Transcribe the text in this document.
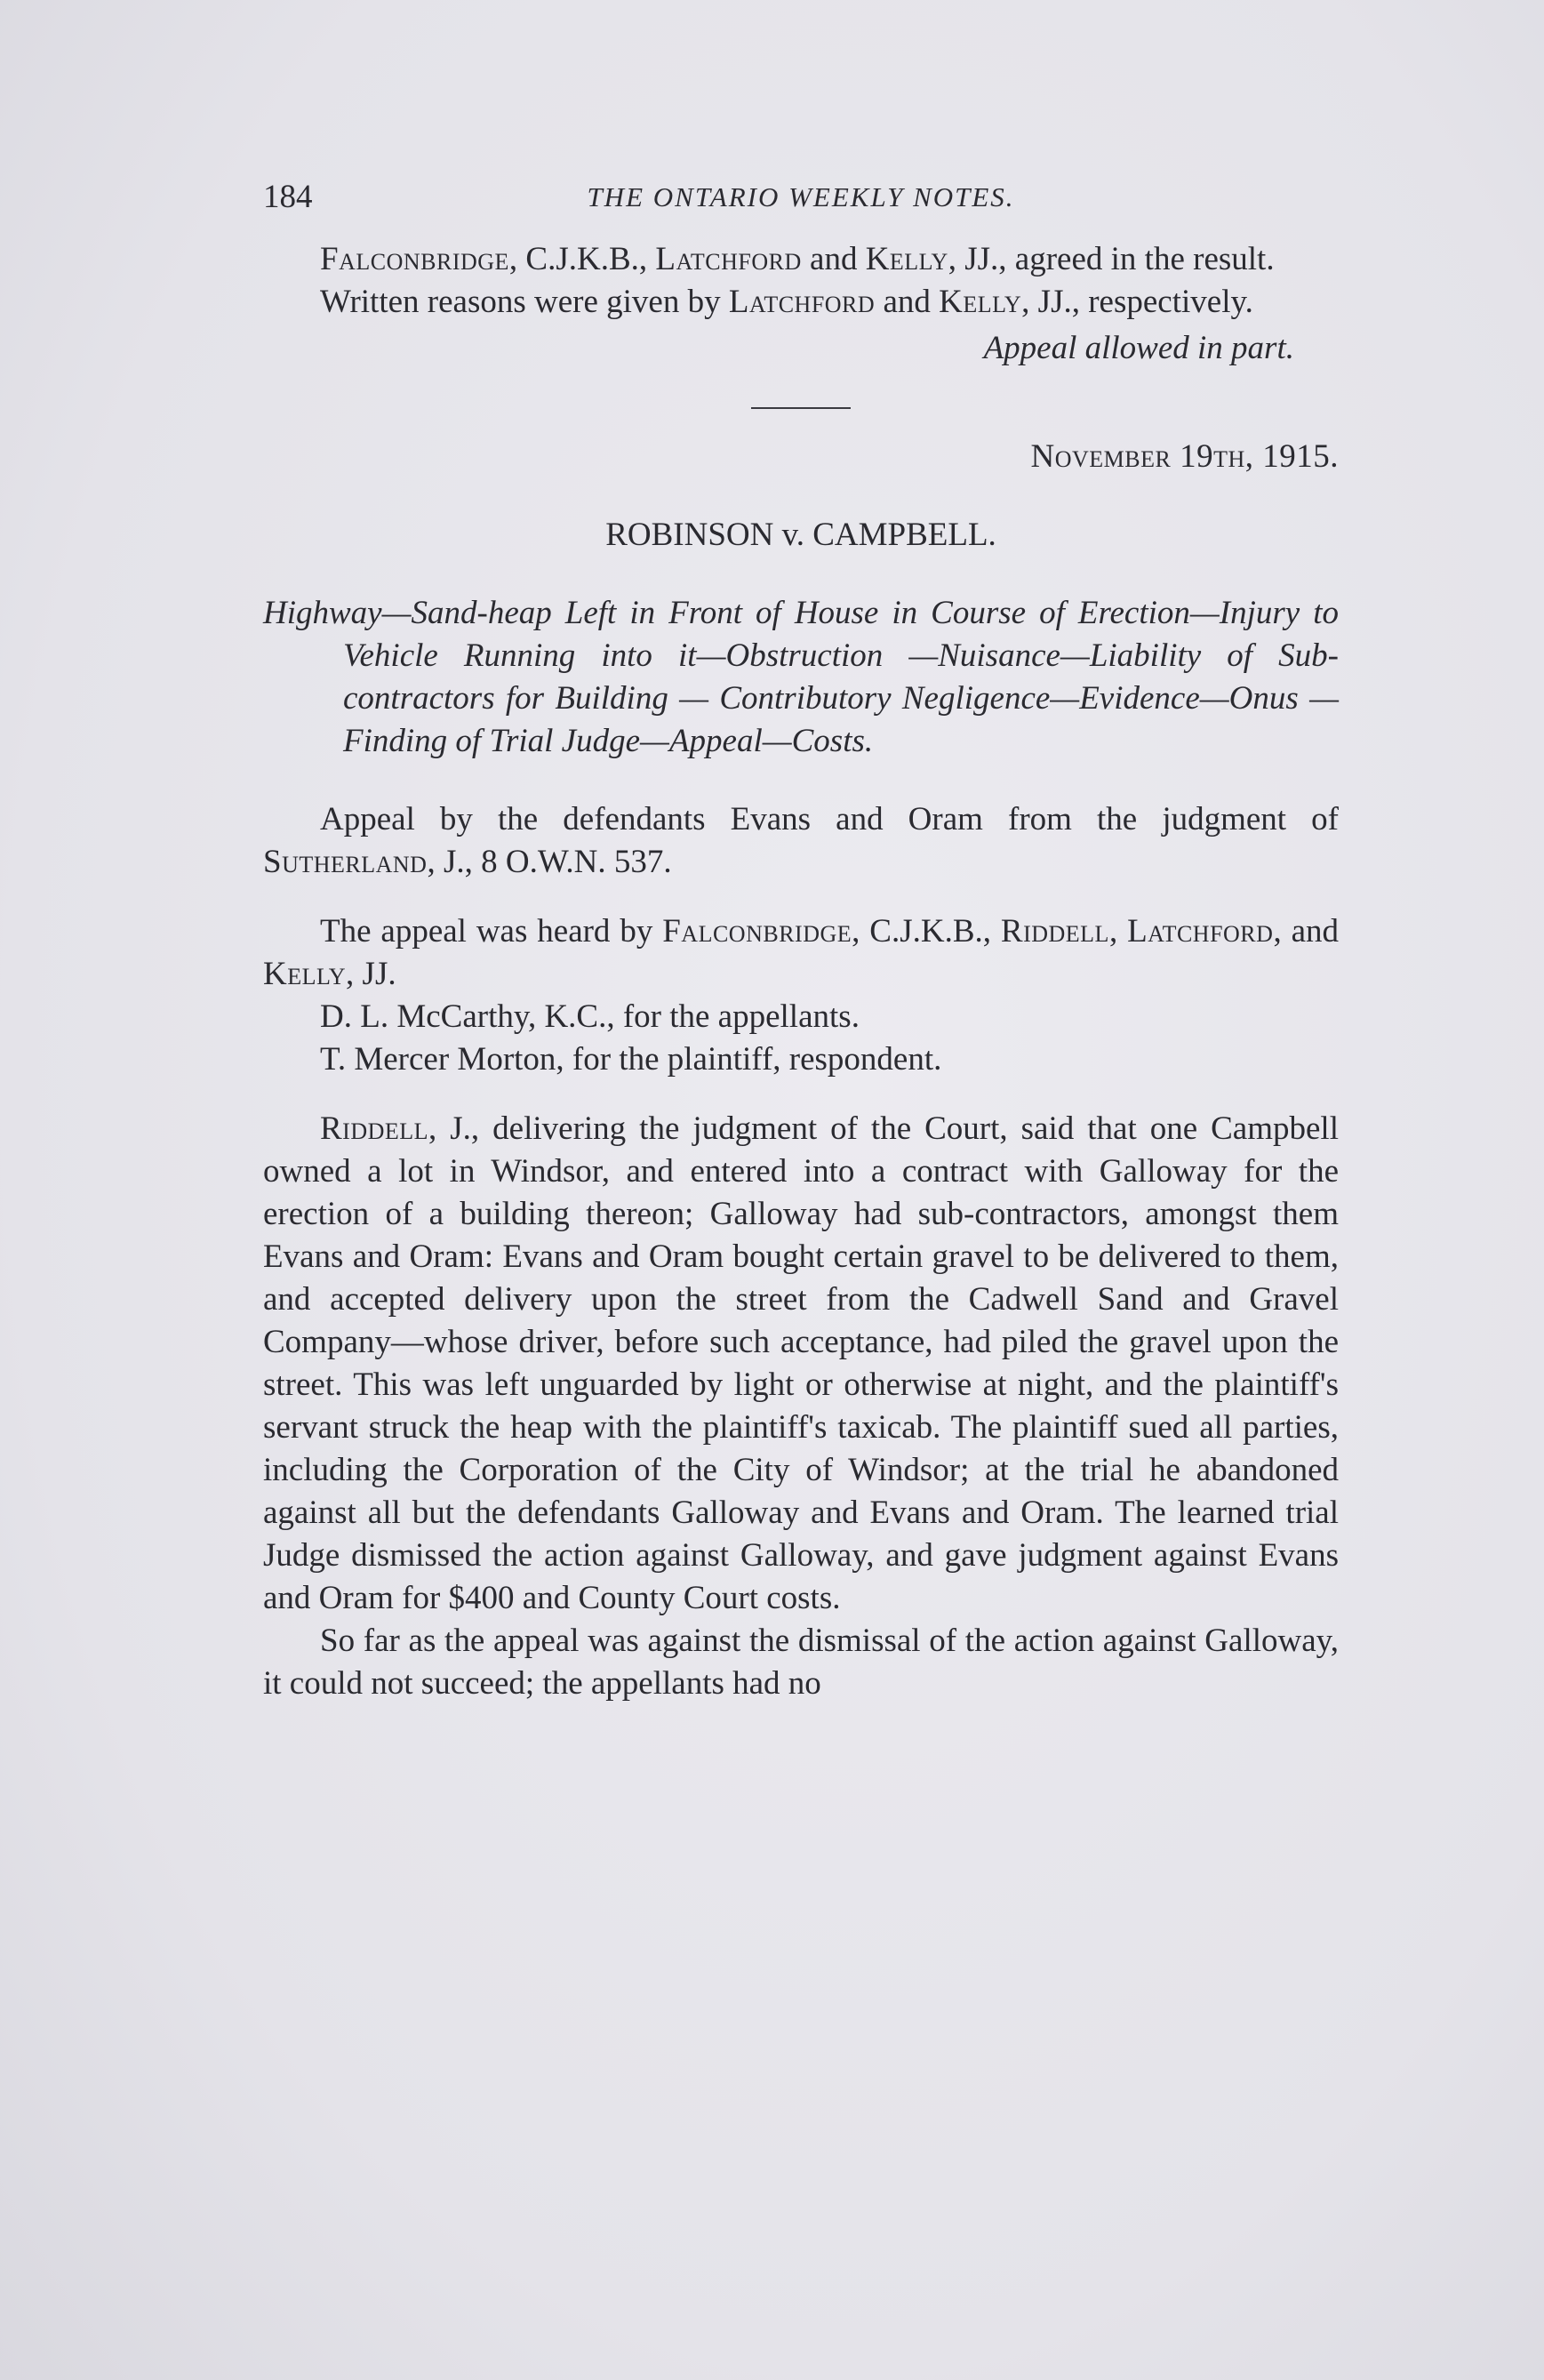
184	THE ONTARIO WEEKLY NOTES.

Falconbridge, C.J.K.B., Latchford and Kelly, JJ., agreed in the result.

Written reasons were given by Latchford and Kelly, JJ., respectively.

Appeal allowed in part.

November 19th, 1915.

ROBINSON v. CAMPBELL.

Highway—Sand-heap Left in Front of House in Course of Erection—Injury to Vehicle Running into it—Obstruction —Nuisance—Liability of Sub-contractors for Building — Contributory Negligence—Evidence—Onus — Finding of Trial Judge—Appeal—Costs.

Appeal by the defendants Evans and Oram from the judgment of Sutherland, J., 8 O.W.N. 537.

The appeal was heard by Falconbridge, C.J.K.B., Riddell, Latchford, and Kelly, JJ.

D. L. McCarthy, K.C., for the appellants.

T. Mercer Morton, for the plaintiff, respondent.

Riddell, J., delivering the judgment of the Court, said that one Campbell owned a lot in Windsor, and entered into a contract with Galloway for the erection of a building thereon; Galloway had sub-contractors, amongst them Evans and Oram: Evans and Oram bought certain gravel to be delivered to them, and accepted delivery upon the street from the Cadwell Sand and Gravel Company—whose driver, before such acceptance, had piled the gravel upon the street. This was left unguarded by light or otherwise at night, and the plaintiff's servant struck the heap with the plaintiff's taxicab. The plaintiff sued all parties, including the Corporation of the City of Windsor; at the trial he abandoned against all but the defendants Galloway and Evans and Oram. The learned trial Judge dismissed the action against Galloway, and gave judgment against Evans and Oram for $400 and County Court costs.

So far as the appeal was against the dismissal of the action against Galloway, it could not succeed; the appellants had no
